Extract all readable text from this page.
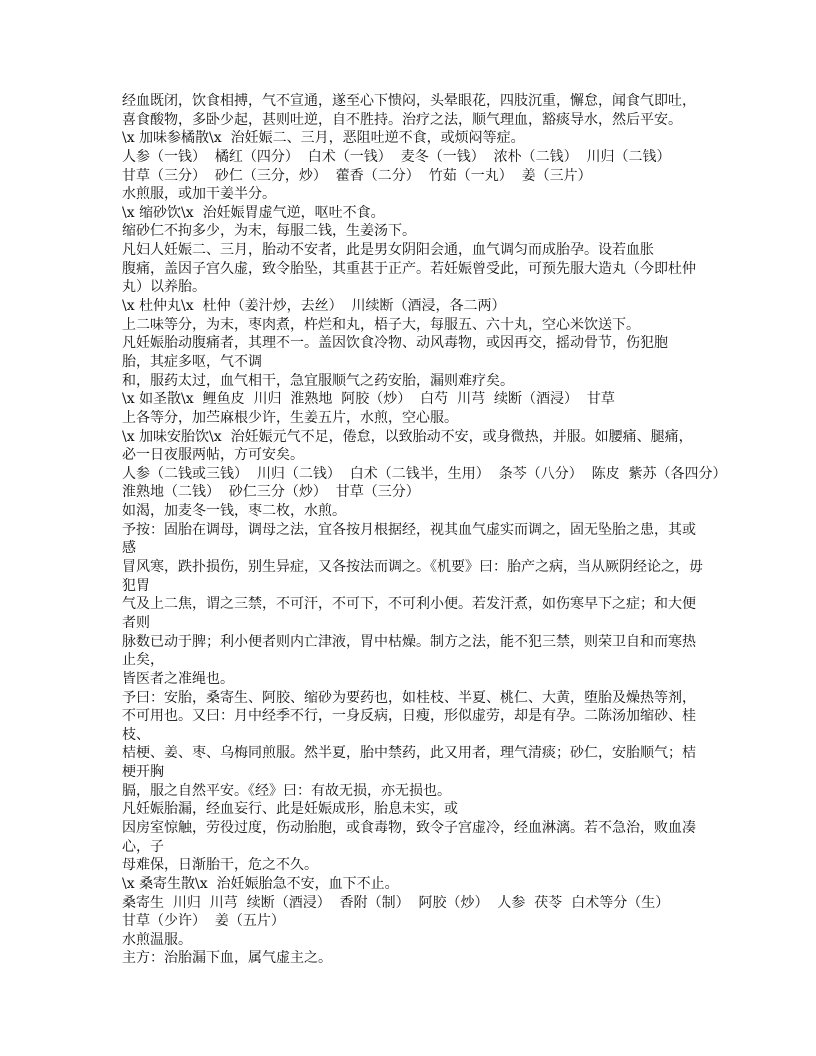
经血既闭，饮食相搏，气不宣通，遂至心下愦闷，头晕眼花，四肢沉重，懈怠，闻食气即吐，
喜食酸物，多卧少起，甚则吐逆，自不胜持。治疗之法，顺气理血，豁痰导水，然后平安。
\x 加味参橘散\x  治妊娠二、三月，恶阻吐逆不食，或烦闷等症。
人参（一钱）  橘红（四分）  白术（一钱）  麦冬（一钱）  浓朴（二钱）  川归（二钱）
甘草（三分）  砂仁（三分，炒）  藿香（二分）  竹茹（一丸）  姜（三片）
水煎服，或加干姜半分。
\x 缩砂饮\x  治妊娠胃虚气逆，呕吐不食。
缩砂仁不拘多少，为末，每服二钱，生姜汤下。
凡妇人妊娠二、三月，胎动不安者，此是男女阴阳会通，血气调匀而成胎孕。设若血胀
腹痛，盖因子宫久虚，致令胎坠，其重甚于正产。若妊娠曾受此，可预先服大造丸（今即杜仲
丸）以养胎。
\x 杜仲丸\x  杜仲（姜汁炒，去丝）  川续断（酒浸，各二两）
上二味等分，为末，枣肉煮，杵烂和丸，梧子大，每服五、六十丸，空心米饮送下。
凡妊娠胎动腹痛者，其理不一。盖因饮食冷物、动风毒物，或因再交，摇动骨节，伤犯胞
胎，其症多呕，气不调
和，服药太过，血气相干，急宜服顺气之药安胎，漏则难疗矣。
\x 如圣散\x  鲤鱼皮  川归  淮熟地  阿胶（炒）  白芍  川芎  续断（酒浸）  甘草
上各等分，加苎麻根少许，生姜五片，水煎，空心服。
\x 加味安胎饮\x  治妊娠元气不足，倦怠，以致胎动不安，或身微热，并服。如腰痛、腿痛，
必一日夜服两帖，方可安矣。
人参（二钱或三钱）  川归（二钱）  白术（二钱半，生用）  条芩（八分）  陈皮  紫苏（各四分）
淮熟地（二钱）  砂仁三分（炒）  甘草（三分）
如渴，加麦冬一钱，枣二枚，水煎。
予按：固胎在调母，调母之法，宜各按月根据经，视其血气虚实而调之，固无坠胎之患，其或
感
冒风寒，跌扑损伤，别生异症，又各按法而调之。《机要》曰：胎产之病，当从厥阴经论之，毋
犯胃
气及上二焦，谓之三禁，不可汗，不可下，不可利小便。若发汗煮，如伤寒早下之症；和大便
者则
脉数已动于脾；利小便者则内亡津液，胃中枯燥。制方之法，能不犯三禁，则荣卫自和而寒热
止矣，
皆医者之准绳也。
予曰：安胎，桑寄生、阿胶、缩砂为要药也，如桂枝、半夏、桃仁、大黄，堕胎及燥热等剂，
不可用也。又曰：月中经季不行，一身反病，日瘦，形似虚劳，却是有孕。二陈汤加缩砂、桂
枝、
桔梗、姜、枣、乌梅同煎服。然半夏，胎中禁药，此又用者，理气清痰；砂仁，安胎顺气；桔
梗开胸
膈，服之自然平安。《经》曰：有故无损，亦无损也。
凡妊娠胎漏，经血妄行、此是妊娠成形，胎息未实，或
因房室惊触，劳役过度，伤动胎胞，或食毒物，致令子宫虚冷，经血淋漓。若不急治，败血凑
心，子
母难保，日渐胎干，危之不久。
\x 桑寄生散\x  治妊娠胎急不安，血下不止。
桑寄生  川归  川芎  续断（酒浸）  香附（制）  阿胶（炒）  人参  茯苓  白术等分（生）
甘草（少许）  姜（五片）
水煎温服。
主方：治胎漏下血，属气虚主之。
